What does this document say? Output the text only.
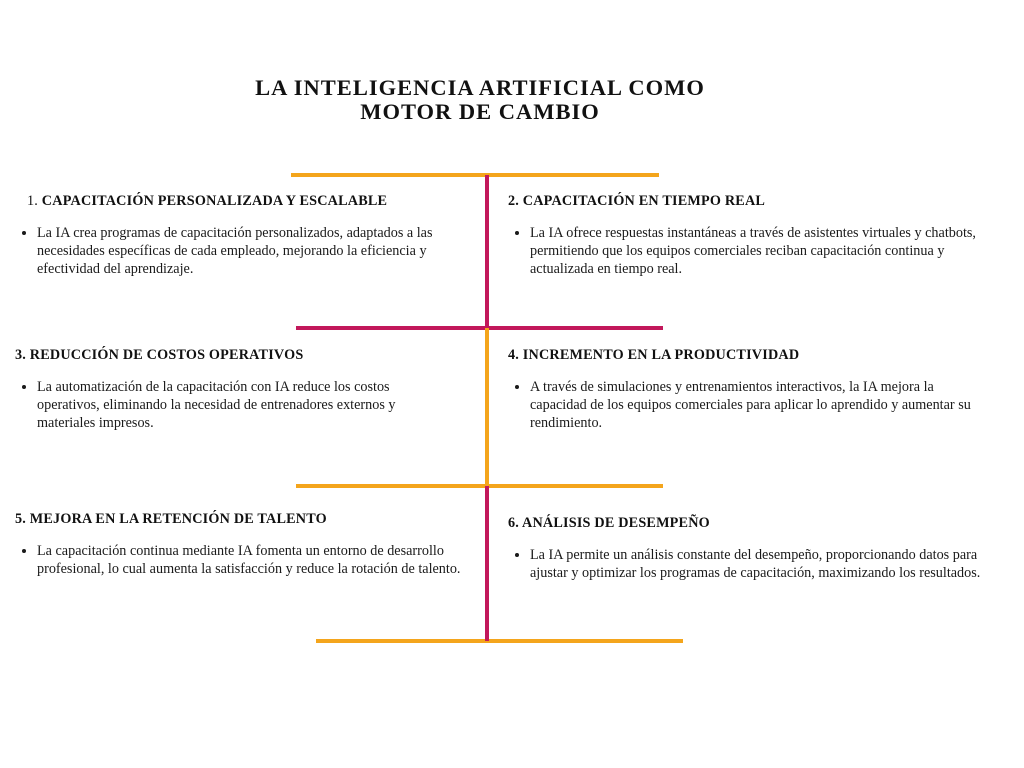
LA INTELIGENCIA ARTIFICIAL COMO
MOTOR DE CAMBIO

1. CAPACITACIÓN PERSONALIZADA Y ESCALABLE

• La IA crea programas de capacitación personalizados, adaptados a las necesidades específicas de cada empleado, mejorando la eficiencia y efectividad del aprendizaje.

2. CAPACITACIÓN EN TIEMPO REAL

• La IA ofrece respuestas instantáneas a través de asistentes virtuales y chatbots, permitiendo que los equipos comerciales reciban capacitación continua y actualizada en tiempo real.

3. REDUCCIÓN DE COSTOS OPERATIVOS

• La automatización de la capacitación con IA reduce los costos operativos, eliminando la necesidad de entrenadores externos y materiales impresos.

4. INCREMENTO EN LA PRODUCTIVIDAD

• A través de simulaciones y entrenamientos interactivos, la IA mejora la capacidad de los equipos comerciales para aplicar lo aprendido y aumentar su rendimiento.

5. MEJORA EN LA RETENCIÓN DE TALENTO

• La capacitación continua mediante IA fomenta un entorno de desarrollo profesional, lo cual aumenta la satisfacción y reduce la rotación de talento.

6. ANÁLISIS DE DESEMPEÑO

• La IA permite un análisis constante del desempeño, proporcionando datos para ajustar y optimizar los programas de capacitación, maximizando los resultados.
